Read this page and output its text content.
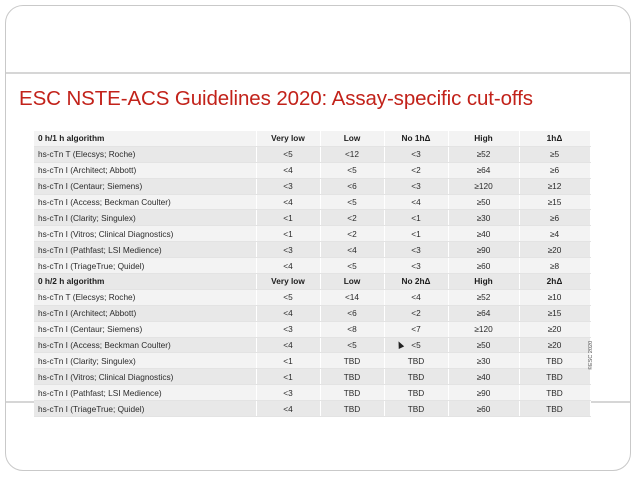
ESC NSTE-ACS Guidelines 2020: Assay-specific cut-offs
0 h/1 h algorithm	Very low	Low	No 1hΔ	High	1hΔ
hs-cTn T (Elecsys; Roche)	<5	<12	<3	≥52	≥5
hs-cTn I (Architect; Abbott)	<4	<5	<2	≥64	≥6
hs-cTn I (Centaur; Siemens)	<3	<6	<3	≥120	≥12
hs-cTn I (Access; Beckman Coulter)	<4	<5	<4	≥50	≥15
hs-cTn I (Clarity; Singulex)	<1	<2	<1	≥30	≥6
hs-cTn I (Vitros; Clinical Diagnostics)	<1	<2	<1	≥40	≥4
hs-cTn I (Pathfast; LSI Medience)	<3	<4	<3	≥90	≥20
hs-cTn I (TriageTrue; Quidel)	<4	<5	<3	≥60	≥8
0 h/2 h algorithm	Very low	Low	No 2hΔ	High	2hΔ
hs-cTn T (Elecsys; Roche)	<5	<14	<4	≥52	≥10
hs-cTn I (Architect; Abbott)	<4	<6	<2	≥64	≥15
hs-cTn I (Centaur; Siemens)	<3	<8	<7	≥120	≥20
hs-cTn I (Access; Beckman Coulter)	<4	<5	<5	≥50	≥20
hs-cTn I (Clarity; Singulex)	<1	TBD	TBD	≥30	TBD
hs-cTn I (Vitros; Clinical Diagnostics)	<1	TBD	TBD	≥40	TBD
hs-cTn I (Pathfast; LSI Medience)	<3	TBD	TBD	≥90	TBD
hs-cTn I (TriageTrue; Quidel)	<4	TBD	TBD	≥60	TBD
©ESC 2020
